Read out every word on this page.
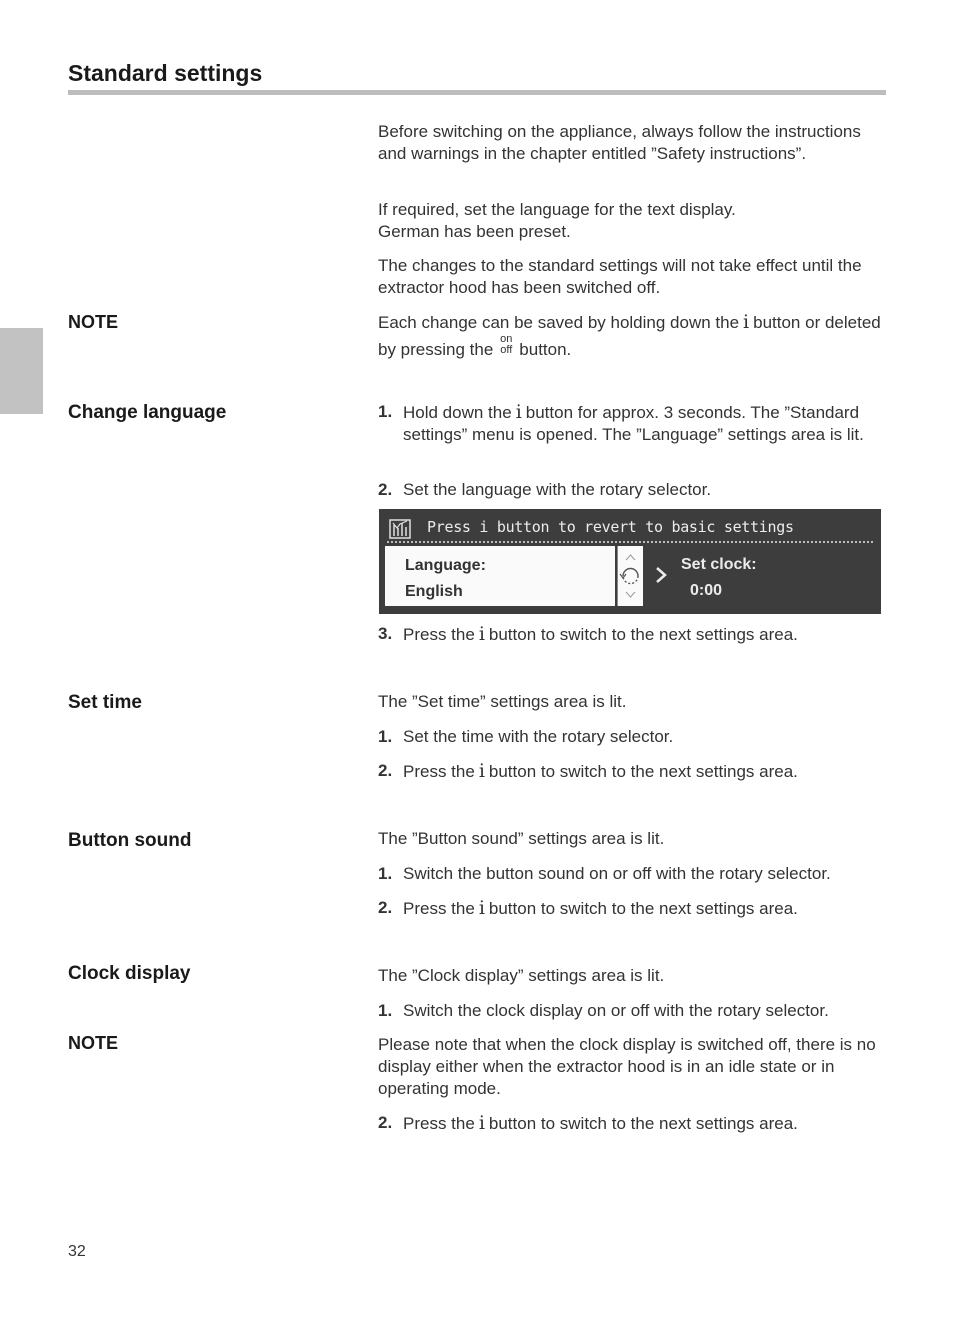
Standard settings
Before switching on the appliance, always follow the instructions and warnings in the chapter entitled ”Safety instructions”.
If required, set the language for the text display.
German has been preset.
The changes to the standard settings will not take effect until the extractor hood has been switched off.
NOTE	Each change can be saved by holding down the i button or deleted by pressing the
on
off button.
Change language	1. Hold down the i button for approx. 3 seconds. The ”Standard settings” menu is opened. The ”Language” settings area is lit.
2. Set the language with the rotary selector.
Press i button to revert to basic settings
Language:
English
Set clock:
0:00
3. Press the i button to switch to the next settings area.
Set time	The ”Set time” settings area is lit.
1. Set the time with the rotary selector.
2. Press the i button to switch to the next settings area.
Button sound	The ”Button sound” settings area is lit.
1. Switch the button sound on or off with the rotary selector.
2. Press the i button to switch to the next settings area.
Clock display	The ”Clock display” settings area is lit.
1. Switch the clock display on or off with the rotary selector.
NOTE	Please note that when the clock display is switched off, there is no display either when the extractor hood is in an idle state or in operating mode.
2. Press the i button to switch to the next settings area.
32
